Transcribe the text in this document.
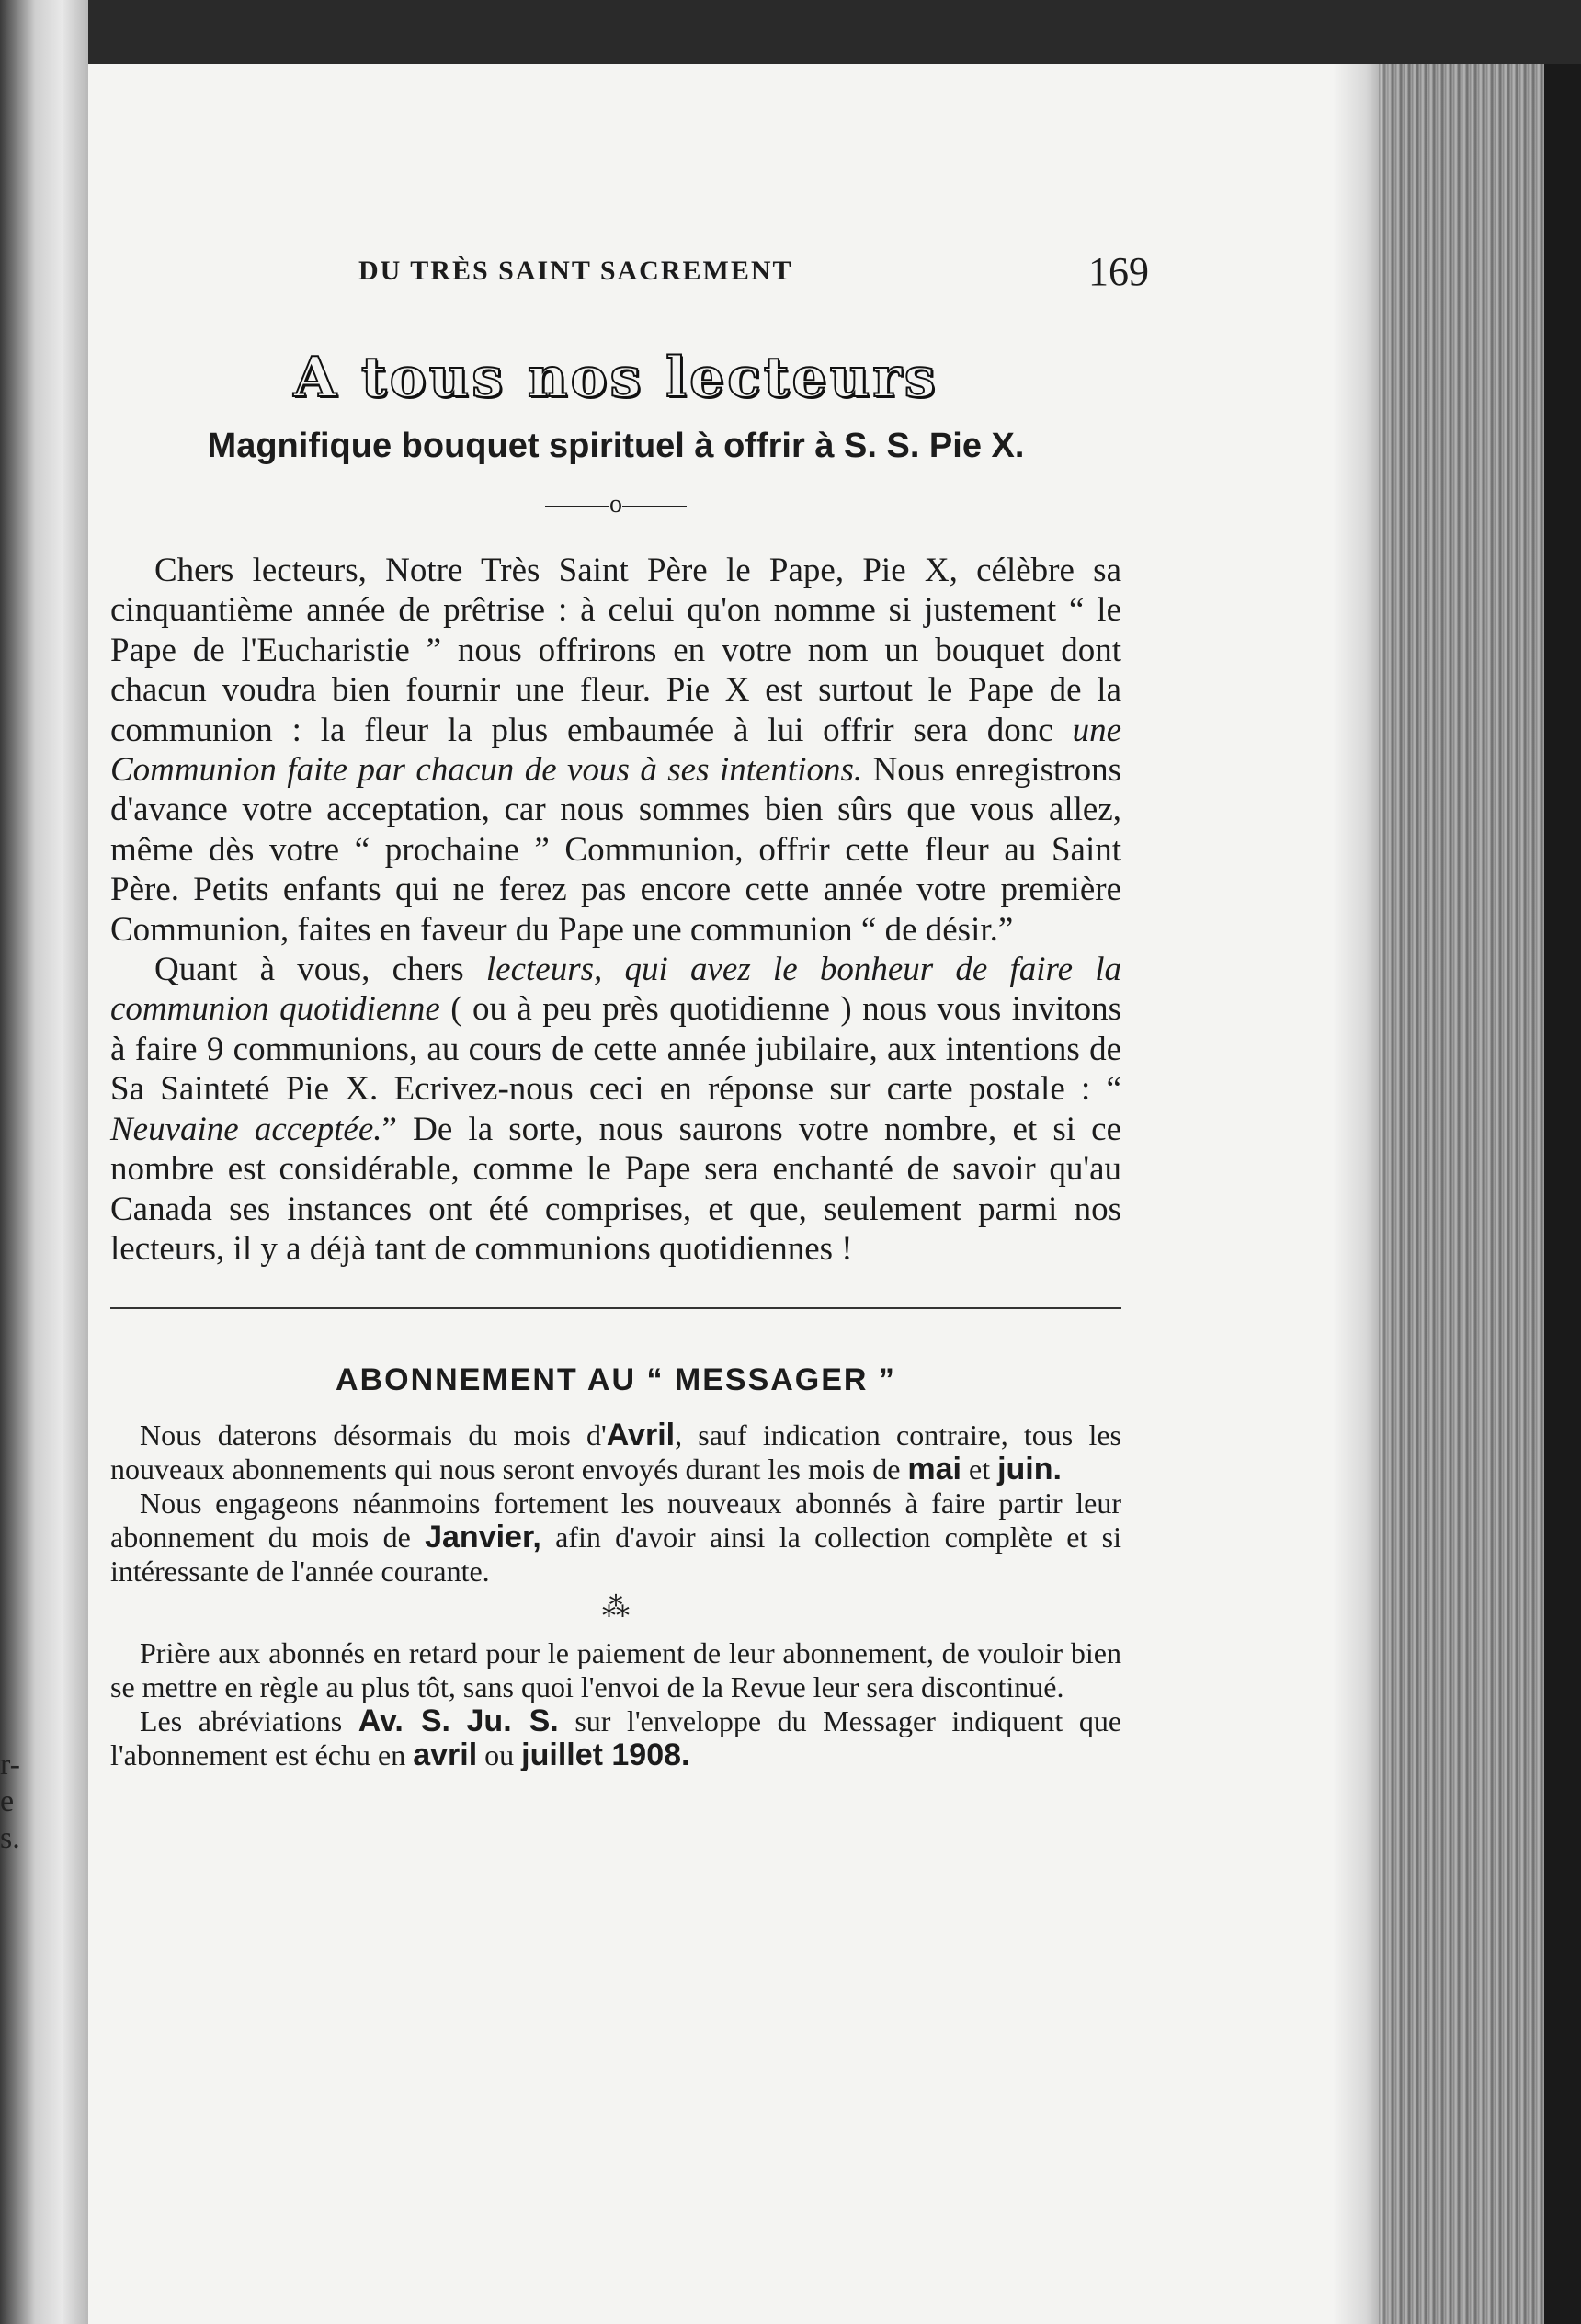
r-
e
s.
DU TRÈS SAINT SACREMENT	169
A tous nos lecteurs
Magnifique bouquet spirituel à offrir à S. S. Pie X.
o

Chers lecteurs, Notre Très Saint Père le Pape, Pie X, célèbre sa cinquantième année de prêtrise : à celui qu'on nomme si justement “ le Pape de l'Eucharistie ” nous offrirons en votre nom un bouquet dont chacun voudra bien fournir une fleur. Pie X est surtout le Pape de la communion : la fleur la plus embaumée à lui offrir sera donc une Communion faite par chacun de vous à ses intentions. Nous enregistrons d'avance votre acceptation, car nous sommes bien sûrs que vous allez, même dès votre “ prochaine ” Communion, offrir cette fleur au Saint Père. Petits enfants qui ne ferez pas encore cette année votre première Communion, faites en faveur du Pape une communion “ de désir.”

Quant à vous, chers lecteurs, qui avez le bonheur de faire la communion quotidienne ( ou à peu près quotidienne ) nous vous invitons à faire 9 communions, au cours de cette année jubilaire, aux intentions de Sa Sainteté Pie X. Ecrivez-nous ceci en réponse sur carte postale : “ Neuvaine acceptée.” De la sorte, nous saurons votre nombre, et si ce nombre est considérable, comme le Pape sera enchanté de savoir qu'au Canada ses instances ont été comprises, et que, seulement parmi nos lecteurs, il y a déjà tant de communions quotidiennes !

ABONNEMENT AU “ MESSAGER ”

Nous daterons désormais du mois d'Avril, sauf indication contraire, tous les nouveaux abonnements qui nous seront envoyés durant les mois de mai et juin.

Nous engageons néanmoins fortement les nouveaux abonnés à faire partir leur abonnement du mois de Janvier, afin d'avoir ainsi la collection complète et si intéressante de l'année courante.

⁂

Prière aux abonnés en retard pour le paiement de leur abonnement, de vouloir bien se mettre en règle au plus tôt, sans quoi l'envoi de la Revue leur sera discontinué.

Les abréviations Av. S. Ju. S. sur l'enveloppe du Messager indiquent que l'abonnement est échu en avril ou juillet 1908.
